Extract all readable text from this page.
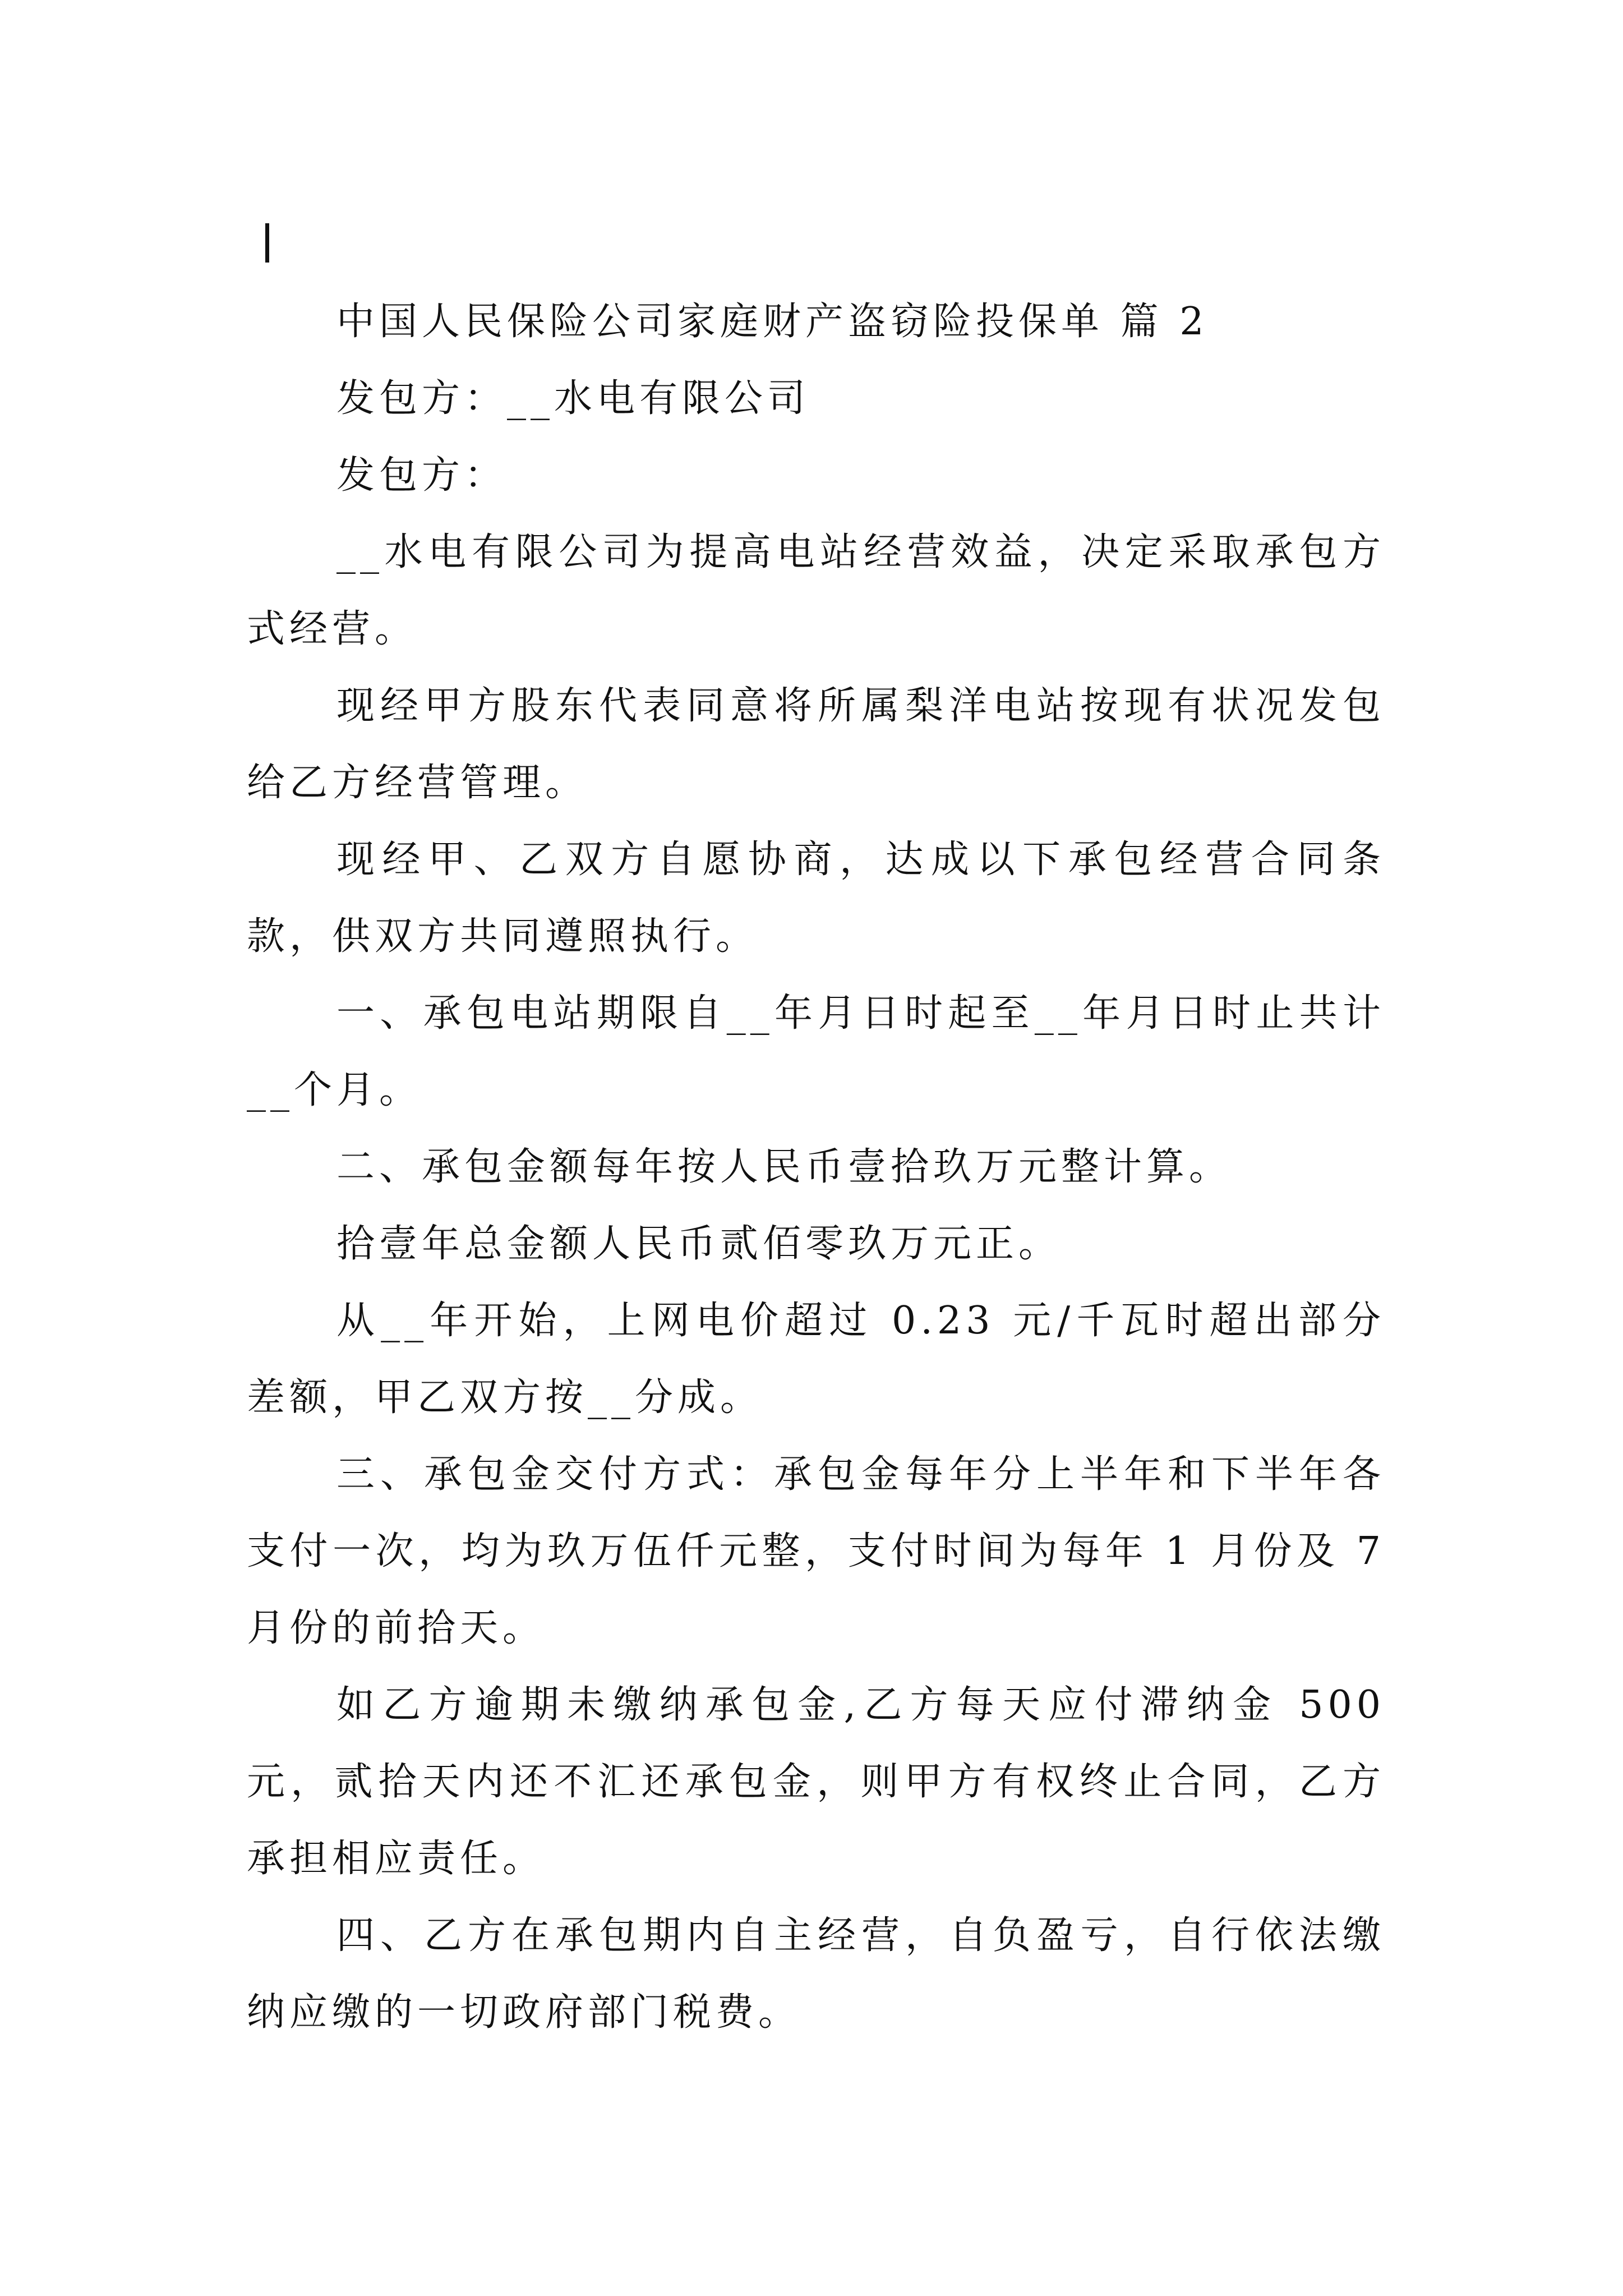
中国人民保险公司家庭财产盗窃险投保单 篇 2

发包方：__水电有限公司

发包方：

__水电有限公司为提高电站经营效益，决定采取承包方式经营。

现经甲方股东代表同意将所属梨洋电站按现有状况发包给乙方经营管理。

现经甲、乙双方自愿协商，达成以下承包经营合同条款，供双方共同遵照执行。

一、承包电站期限自__年月日时起至__年月日时止共计__个月。

二、承包金额每年按人民币壹拾玖万元整计算。

拾壹年总金额人民币贰佰零玖万元正。

从__年开始，上网电价超过 0.23 元/千瓦时超出部分差额，甲乙双方按__分成。

三、承包金交付方式：承包金每年分上半年和下半年各支付一次，均为玖万伍仟元整，支付时间为每年 1 月份及 7 月份的前拾天。

如乙方逾期未缴纳承包金,乙方每天应付滞纳金 500 元，贰拾天内还不汇还承包金，则甲方有权终止合同，乙方承担相应责任。

四、乙方在承包期内自主经营，自负盈亏，自行依法缴纳应缴的一切政府部门税费。
